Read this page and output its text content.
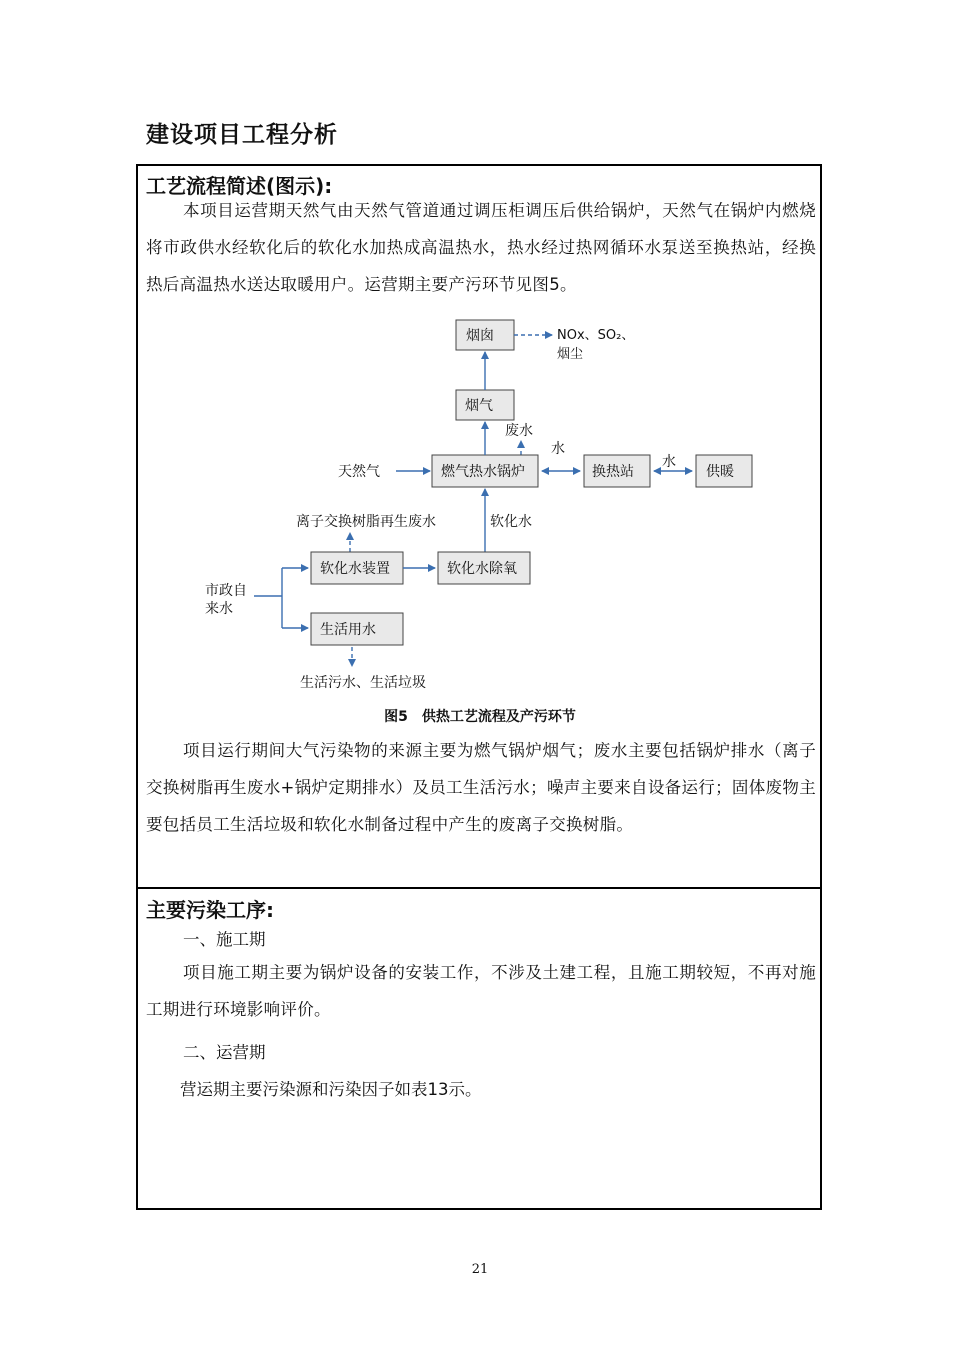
建设项目工程分析
工艺流程简述(图示):
本项目运营期天然气由天然气管道通过调压柜调压后供给锅炉，天然气在锅炉内燃烧将市政供水经软化后的软化水加热成高温热水，热水经过热网循环水泵送至换热站，经换热后高温热水送达取暖用户。运营期主要产污环节见图5。
烟囱	NOx、SO₂、
烟尘
烟气
废水
燃气热水锅炉
天然气
水
换热站
水
供暖
离子交换树脂再生废水	软化水
软化水装置	软化水除氧
市政自
来水
生活用水
生活污水、生活垃圾
图5　供热工艺流程及产污环节
项目运行期间大气污染物的来源主要为燃气锅炉烟气；废水主要包括锅炉排水（离子交换树脂再生废水+锅炉定期排水）及员工生活污水；噪声主要来自设备运行；固体废物主要包括员工生活垃圾和软化水制备过程中产生的废离子交换树脂。
主要污染工序:
一、施工期
项目施工期主要为锅炉设备的安装工作，不涉及土建工程，且施工期较短，不再对施工期进行环境影响评价。
二、运营期
营运期主要污染源和污染因子如表13示。
21
